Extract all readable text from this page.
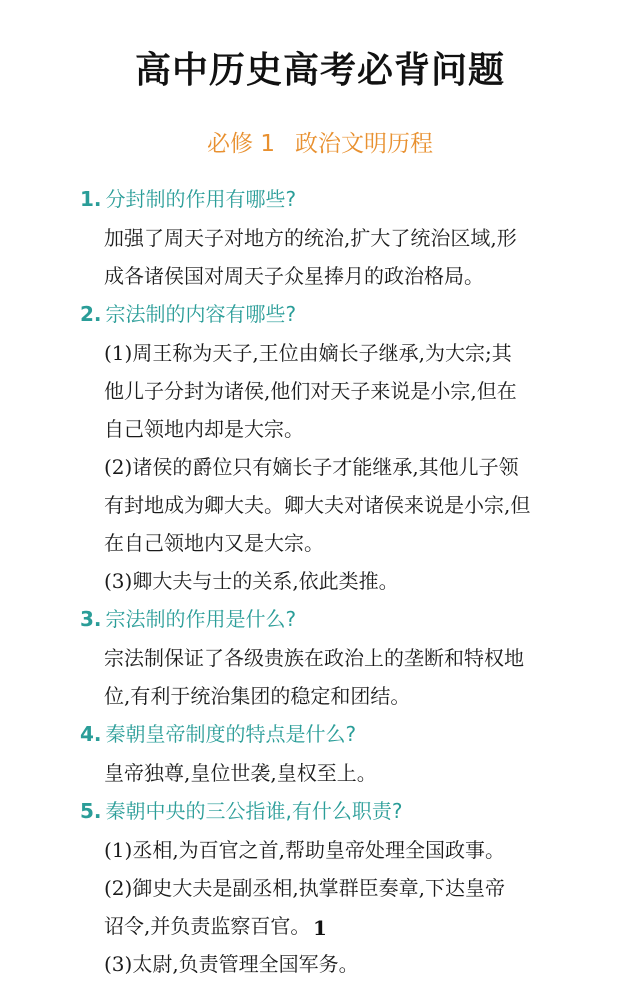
高中历史高考必背问题
必修 1 政治文明历程
1. 分封制的作用有哪些?
加强了周天子对地方的统治,扩大了统治区域,形
成各诸侯国对周天子众星捧月的政治格局。
2. 宗法制的内容有哪些?
(1)周王称为天子,王位由嫡长子继承,为大宗;其
他儿子分封为诸侯,他们对天子来说是小宗,但在
自己领地内却是大宗。
(2)诸侯的爵位只有嫡长子才能继承,其他儿子领
有封地成为卿大夫。卿大夫对诸侯来说是小宗,但
在自己领地内又是大宗。
(3)卿大夫与士的关系,依此类推。
3. 宗法制的作用是什么?
宗法制保证了各级贵族在政治上的垄断和特权地
位,有利于统治集团的稳定和团结。
4. 秦朝皇帝制度的特点是什么?
皇帝独尊,皇位世袭,皇权至上。
5. 秦朝中央的三公指谁,有什么职责?
(1)丞相,为百官之首,帮助皇帝处理全国政事。
(2)御史大夫是副丞相,执掌群臣奏章,下达皇帝
诏令,并负责监察百官。
(3)太尉,负责管理全国军务。
1
